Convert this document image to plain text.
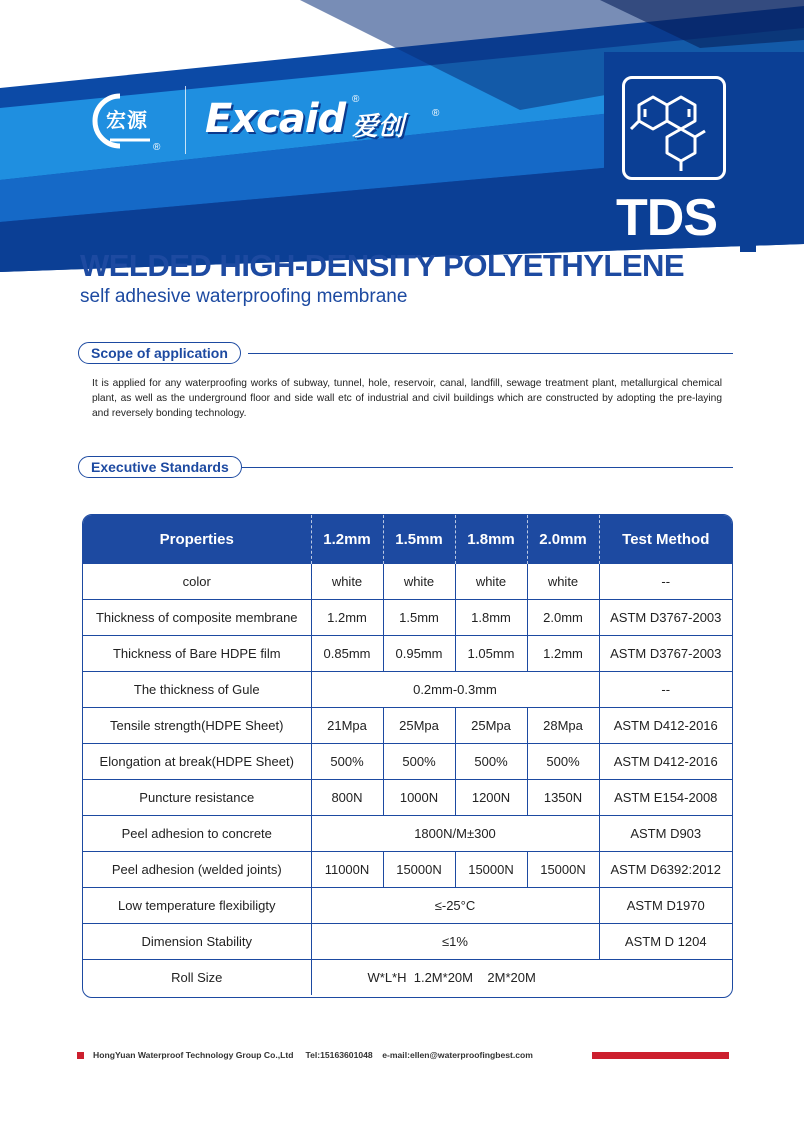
宏源
®
Excaid ®
爱创	®
TDS
WELDED HIGH-DENSITY POLYETHYLENE
self adhesive waterproofing membrane
Scope of application
It is applied for any waterproofing works of subway, tunnel, hole, reservoir, canal, landfill, sewage treatment plant, metallurgical chemical plant, as well as the underground floor and side wall etc of industrial and civil buildings which are constructed by adopting the pre-laying and reversely bonding technology.
Executive Standards
Properties	1.2mm	1.5mm	1.8mm	2.0mm	Test Method
color	white	white	white	white	--
Thickness of composite membrane	1.2mm	1.5mm	1.8mm	2.0mm	ASTM D3767-2003
Thickness of Bare HDPE film	0.85mm	0.95mm	1.05mm	1.2mm	ASTM D3767-2003
The thickness of Gule	0.2mm-0.3mm				--
Tensile strength(HDPE Sheet)	21Mpa	25Mpa	25Mpa	28Mpa	ASTM D412-2016
Elongation at break(HDPE Sheet)	500%	500%	500%	500%	ASTM D412-2016
Puncture resistance	800N	1000N	1200N	1350N	ASTM E154-2008
Peel adhesion to concrete	1800N/M±300				ASTM D903
Peel adhesion (welded joints)	11000N	15000N	15000N	15000N	ASTM D6392:2012
Low temperature flexibiligty	≤-25°C				ASTM D1970
Dimension Stability	≤1%				ASTM D 1204
Roll Size	W*L*H  1.2M*20M    2M*20M				
HongYuan Waterproof Technology Group Co.,Ltd Tel:15163601048 e-mail:ellen@waterproofingbest.com
